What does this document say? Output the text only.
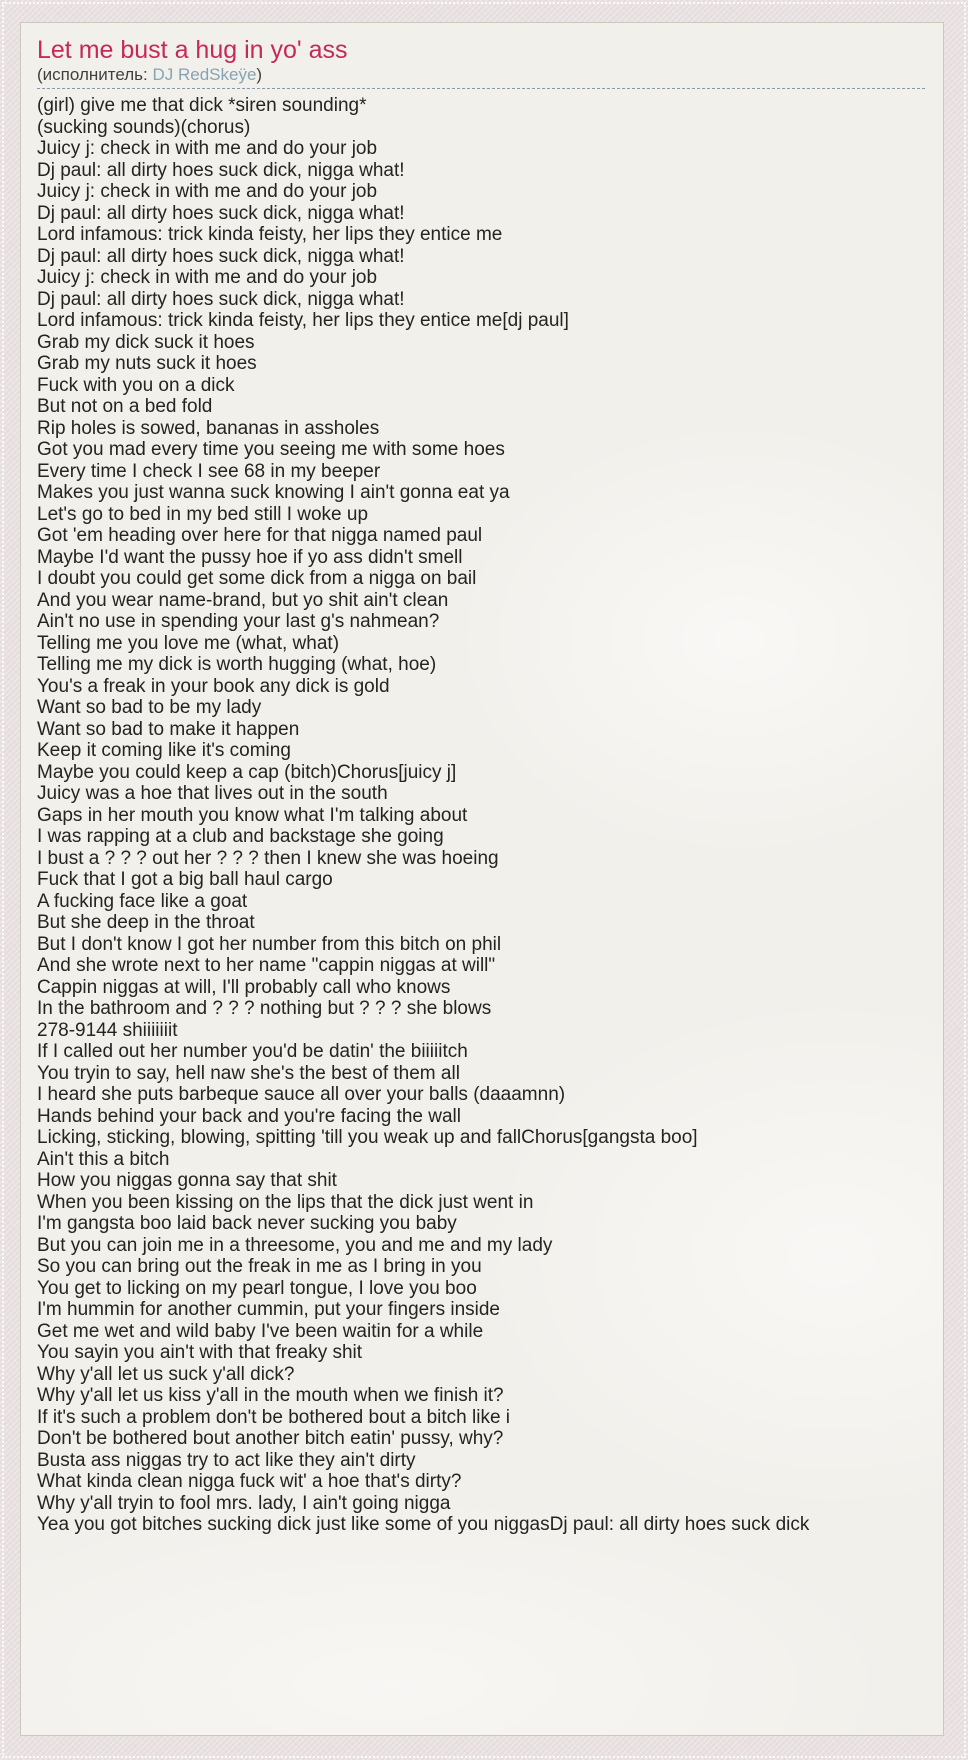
Let me bust a hug in yo' ass
(исполнитель: DJ RedSkeÿe)
(girl) give me that dick *siren sounding*
(sucking sounds)(chorus)
Juicy j: check in with me and do your job
Dj paul: all dirty hoes suck dick, nigga what!
Juicy j: check in with me and do your job
Dj paul: all dirty hoes suck dick, nigga what!
Lord infamous: trick kinda feisty, her lips they entice me
Dj paul: all dirty hoes suck dick, nigga what!
Juicy j: check in with me and do your job
Dj paul: all dirty hoes suck dick, nigga what!
Lord infamous: trick kinda feisty, her lips they entice me[dj paul]
Grab my dick suck it hoes
Grab my nuts suck it hoes
Fuck with you on a dick
But not on a bed fold
Rip holes is sowed, bananas in assholes
Got you mad every time you seeing me with some hoes
Every time I check I see 68 in my beeper
Makes you just wanna suck knowing I ain't gonna eat ya
Let's go to bed in my bed still I woke up
Got 'em heading over here for that nigga named paul
Maybe I'd want the pussy hoe if yo ass didn't smell
I doubt you could get some dick from a nigga on bail
And you wear name-brand, but yo shit ain't clean
Ain't no use in spending your last g's nahmean?
Telling me you love me (what, what)
Telling me my dick is worth hugging (what, hoe)
You's a freak in your book any dick is gold
Want so bad to be my lady
Want so bad to make it happen
Keep it coming like it's coming
Maybe you could keep a cap (bitch)Chorus[juicy j]
Juicy was a hoe that lives out in the south
Gaps in her mouth you know what I'm talking about
I was rapping at a club and backstage she going
I bust a ? ? ? out her ? ? ? then I knew she was hoeing
Fuck that I got a big ball haul cargo
A fucking face like a goat
But she deep in the throat
But I don't know I got her number from this bitch on phil
And she wrote next to her name "cappin niggas at will"
Cappin niggas at will, I'll probably call who knows
In the bathroom and ? ? ? nothing but ? ? ? she blows
278-9144 shiiiiiiit
If I called out her number you'd be datin' the biiiiitch
You tryin to say, hell naw she's the best of them all
I heard she puts barbeque sauce all over your balls (daaamnn)
Hands behind your back and you're facing the wall
Licking, sticking, blowing, spitting 'till you weak up and fallChorus[gangsta boo]
Ain't this a bitch
How you niggas gonna say that shit
When you been kissing on the lips that the dick just went in
I'm gangsta boo laid back never sucking you baby
But you can join me in a threesome, you and me and my lady
So you can bring out the freak in me as I bring in you
You get to licking on my pearl tongue, I love you boo
I'm hummin for another cummin, put your fingers inside
Get me wet and wild baby I've been waitin for a while
You sayin you ain't with that freaky shit
Why y'all let us suck y'all dick?
Why y'all let us kiss y'all in the mouth when we finish it?
If it's such a problem don't be bothered bout a bitch like i
Don't be bothered bout another bitch eatin' pussy, why?
Busta ass niggas try to act like they ain't dirty
What kinda clean nigga fuck wit' a hoe that's dirty?
Why y'all tryin to fool mrs. lady, I ain't going nigga
Yea you got bitches sucking dick just like some of you niggasDj paul: all dirty hoes suck dick
